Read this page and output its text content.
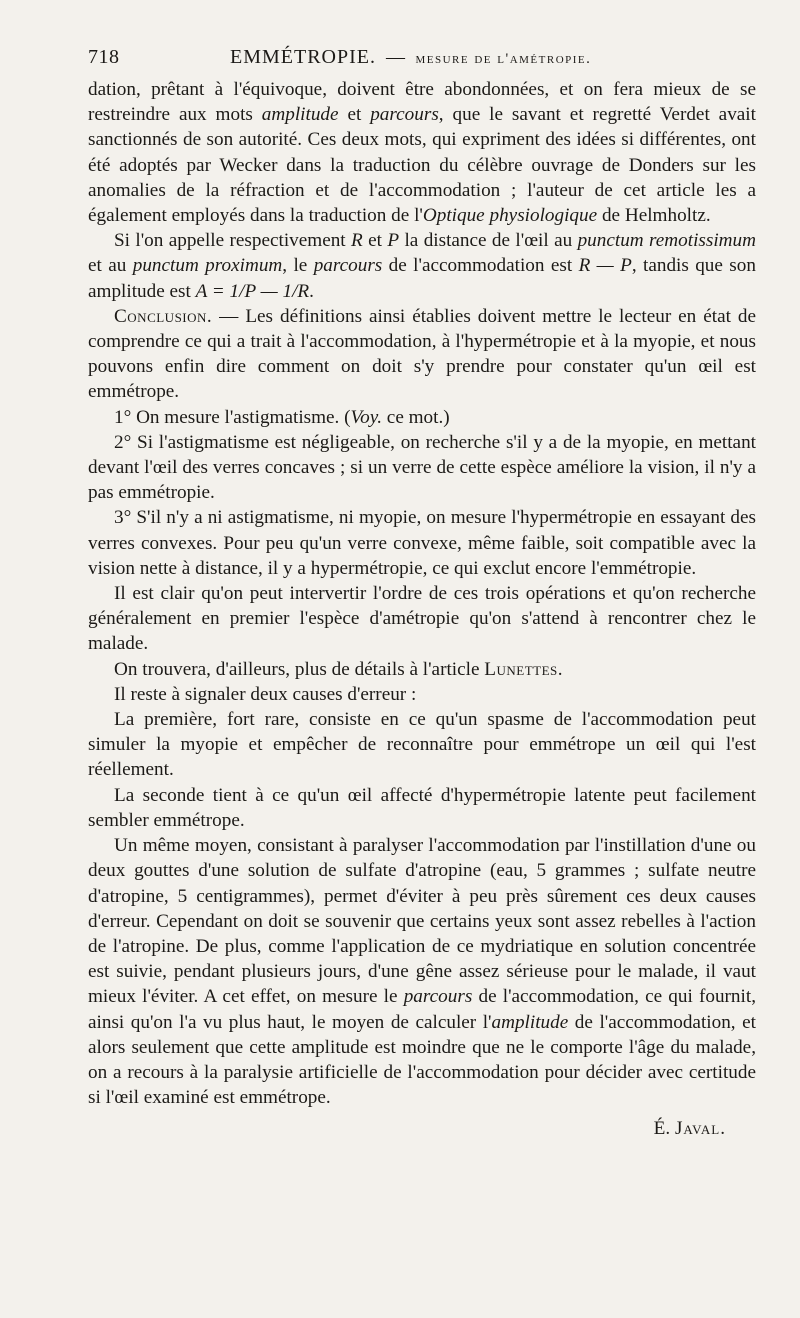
718	EMMÉTROPIE. — mesure de l'amétropie.

dation, prêtant à l'équivoque, doivent être abondonnées, et on fera mieux de se restreindre aux mots amplitude et parcours, que le savant et regretté Verdet avait sanctionnés de son autorité. Ces deux mots, qui expriment des idées si différentes, ont été adoptés par Wecker dans la traduction du célèbre ouvrage de Donders sur les anomalies de la réfraction et de l'accommodation ; l'auteur de cet article les a également employés dans la traduction de l'Optique physiologique de Helmholtz.

Si l'on appelle respectivement R et P la distance de l'œil au punctum remotissimum et au punctum proximum, le parcours de l'accommodation est R — P, tandis que son amplitude est A = 1/P — 1/R.

Conclusion. — Les définitions ainsi établies doivent mettre le lecteur en état de comprendre ce qui a trait à l'accommodation, à l'hypermétropie et à la myopie, et nous pouvons enfin dire comment on doit s'y prendre pour constater qu'un œil est emmétrope.

1° On mesure l'astigmatisme. (Voy. ce mot.)

2° Si l'astigmatisme est négligeable, on recherche s'il y a de la myopie, en mettant devant l'œil des verres concaves ; si un verre de cette espèce améliore la vision, il n'y a pas emmétropie.

3° S'il n'y a ni astigmatisme, ni myopie, on mesure l'hypermétropie en essayant des verres convexes. Pour peu qu'un verre convexe, même faible, soit compatible avec la vision nette à distance, il y a hypermétropie, ce qui exclut encore l'emmétropie.

Il est clair qu'on peut intervertir l'ordre de ces trois opérations et qu'on recherche généralement en premier l'espèce d'amétropie qu'on s'attend à rencontrer chez le malade.

On trouvera, d'ailleurs, plus de détails à l'article Lunettes.

Il reste à signaler deux causes d'erreur :

La première, fort rare, consiste en ce qu'un spasme de l'accommodation peut simuler la myopie et empêcher de reconnaître pour emmétrope un œil qui l'est réellement.

La seconde tient à ce qu'un œil affecté d'hypermétropie latente peut facilement sembler emmétrope.

Un même moyen, consistant à paralyser l'accommodation par l'instillation d'une ou deux gouttes d'une solution de sulfate d'atropine (eau, 5 grammes ; sulfate neutre d'atropine, 5 centigrammes), permet d'éviter à peu près sûrement ces deux causes d'erreur. Cependant on doit se souvenir que certains yeux sont assez rebelles à l'action de l'atropine. De plus, comme l'application de ce mydriatique en solution concentrée est suivie, pendant plusieurs jours, d'une gêne assez sérieuse pour le malade, il vaut mieux l'éviter. A cet effet, on mesure le parcours de l'accommodation, ce qui fournit, ainsi qu'on l'a vu plus haut, le moyen de calculer l'amplitude de l'accommodation, et alors seulement que cette amplitude est moindre que ne le comporte l'âge du malade, on a recours à la paralysie artificielle de l'accommodation pour décider avec certitude si l'œil examiné est emmétrope.

É. Javal.
